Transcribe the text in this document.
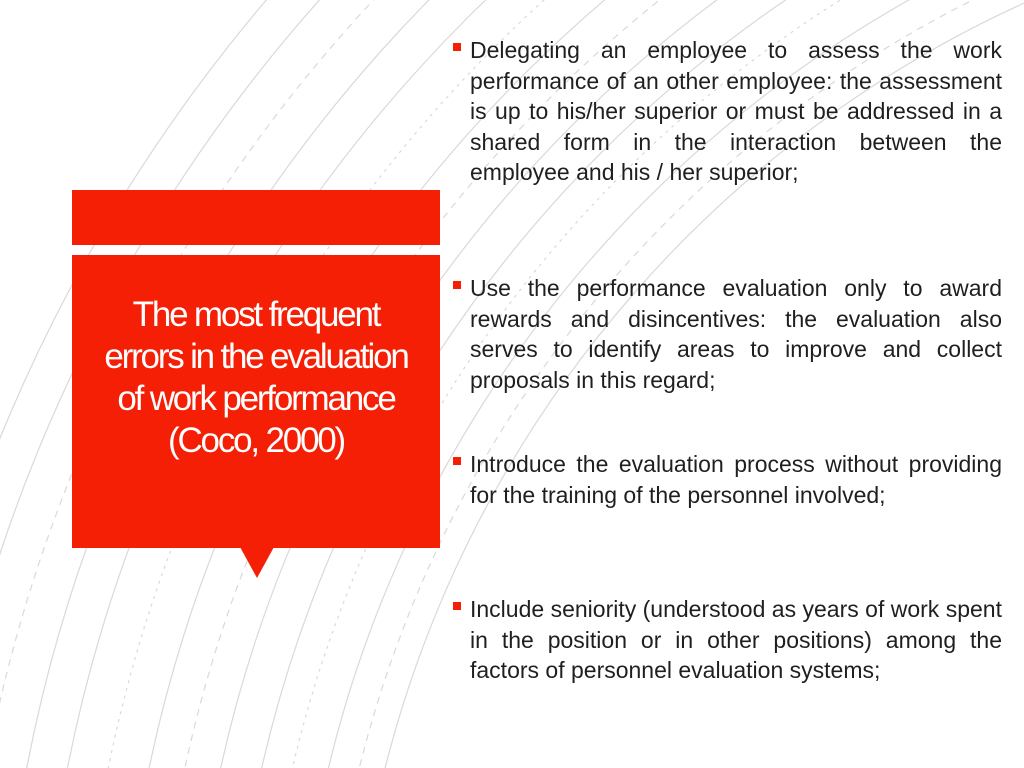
The most frequent errors in the evaluation of work performance (Coco, 2000)

Delegating an employee to assess the work performance of an other employee: the assessment is up to his/her superior or must be addressed in a shared form in the interaction between the employee and his / her superior;

Use the performance evaluation only to award rewards and disincentives: the evaluation also serves to identify areas to improve and collect proposals in this regard;

Introduce the evaluation process without providing for the training of the personnel involved;

Include seniority (understood as years of work spent in the position or in other positions) among the factors of personnel evaluation systems;
